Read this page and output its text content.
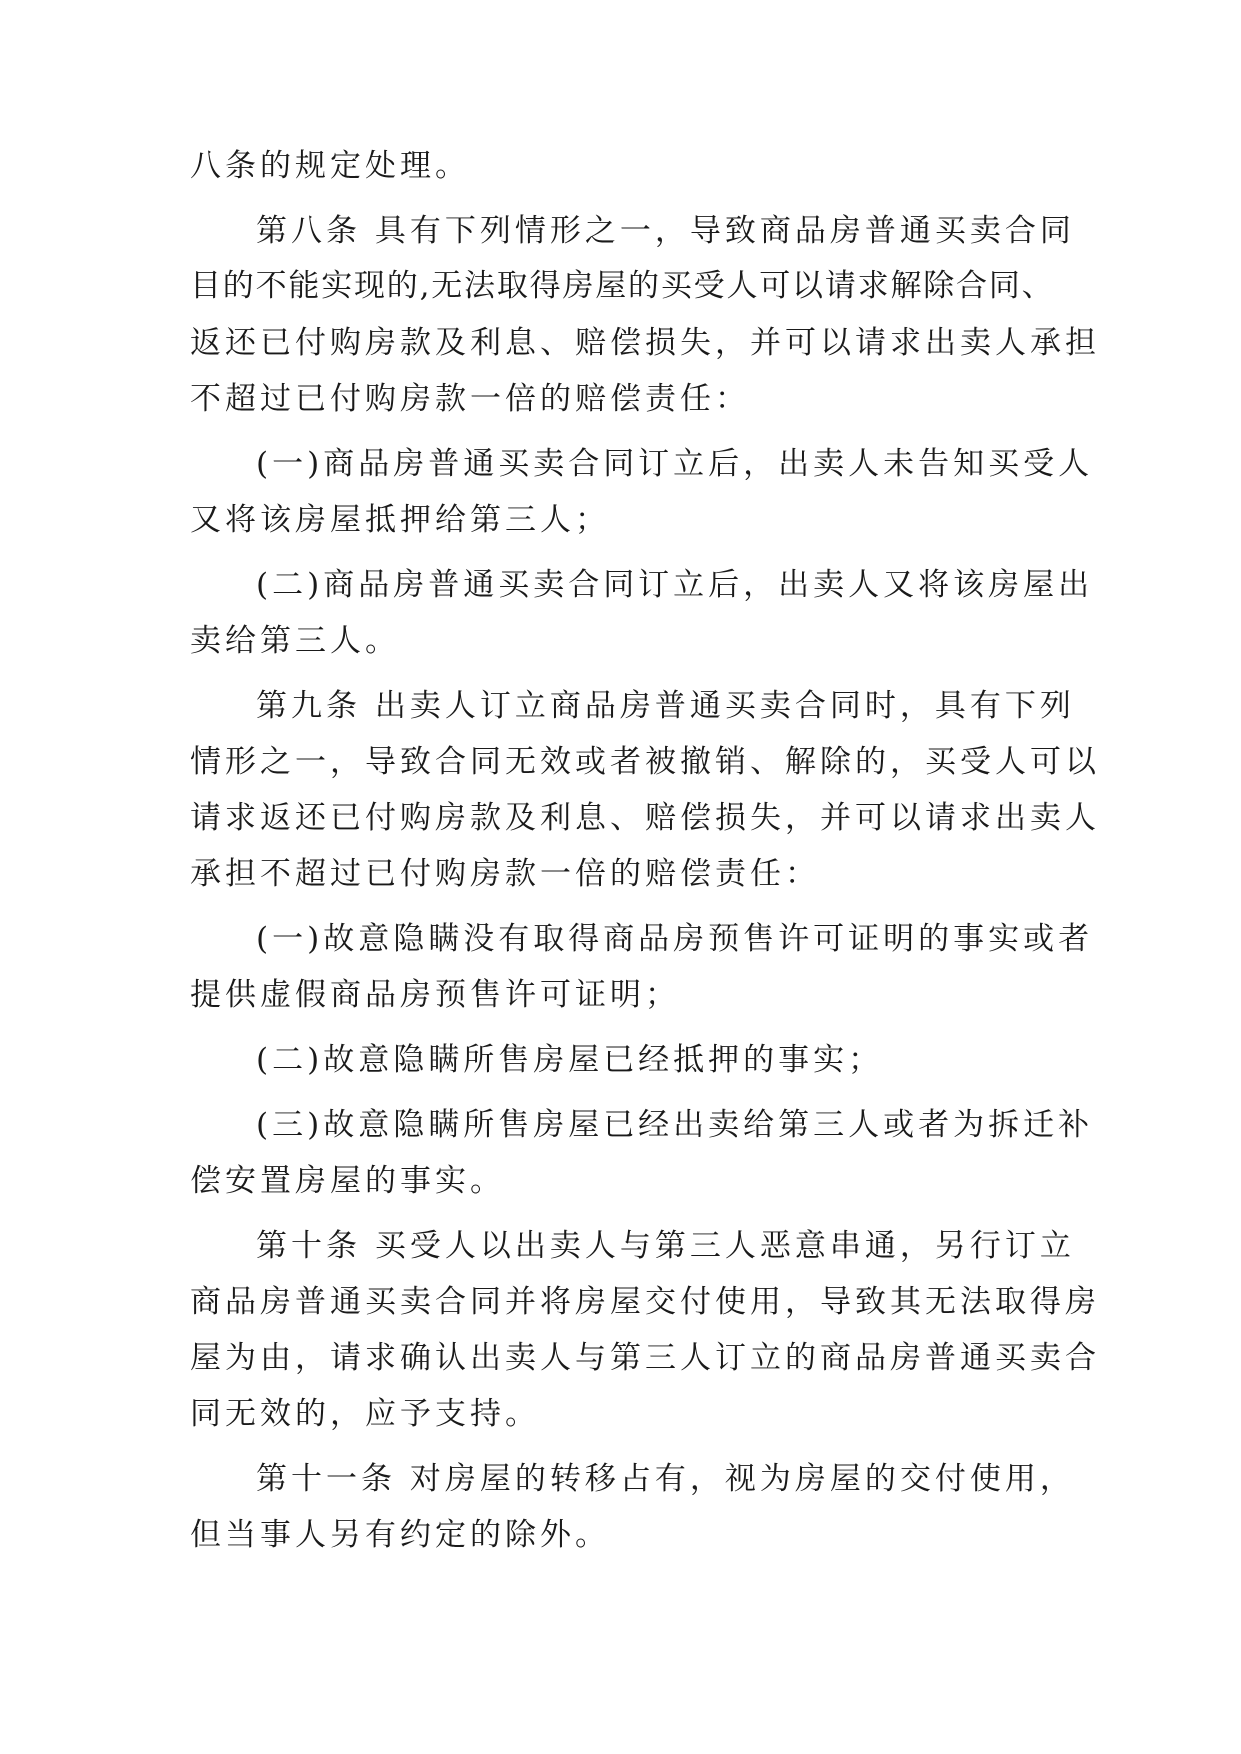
八条的规定处理。

第八条 具有下列情形之一，导致商品房普通买卖合同

目的不能实现的,无法取得房屋的买受人可以请求解除合同、

返还已付购房款及利息、赔偿损失，并可以请求出卖人承担

不超过已付购房款一倍的赔偿责任：

(一)商品房普通买卖合同订立后，出卖人未告知买受人

又将该房屋抵押给第三人；

(二)商品房普通买卖合同订立后，出卖人又将该房屋出

卖给第三人。

第九条 出卖人订立商品房普通买卖合同时，具有下列

情形之一，导致合同无效或者被撤销、解除的，买受人可以

请求返还已付购房款及利息、赔偿损失，并可以请求出卖人

承担不超过已付购房款一倍的赔偿责任：

(一)故意隐瞒没有取得商品房预售许可证明的事实或者

提供虚假商品房预售许可证明；

(二)故意隐瞒所售房屋已经抵押的事实；

(三)故意隐瞒所售房屋已经出卖给第三人或者为拆迁补

偿安置房屋的事实。

第十条 买受人以出卖人与第三人恶意串通，另行订立

商品房普通买卖合同并将房屋交付使用，导致其无法取得房

屋为由，请求确认出卖人与第三人订立的商品房普通买卖合

同无效的，应予支持。

第十一条 对房屋的转移占有，视为房屋的交付使用，

但当事人另有约定的除外。
